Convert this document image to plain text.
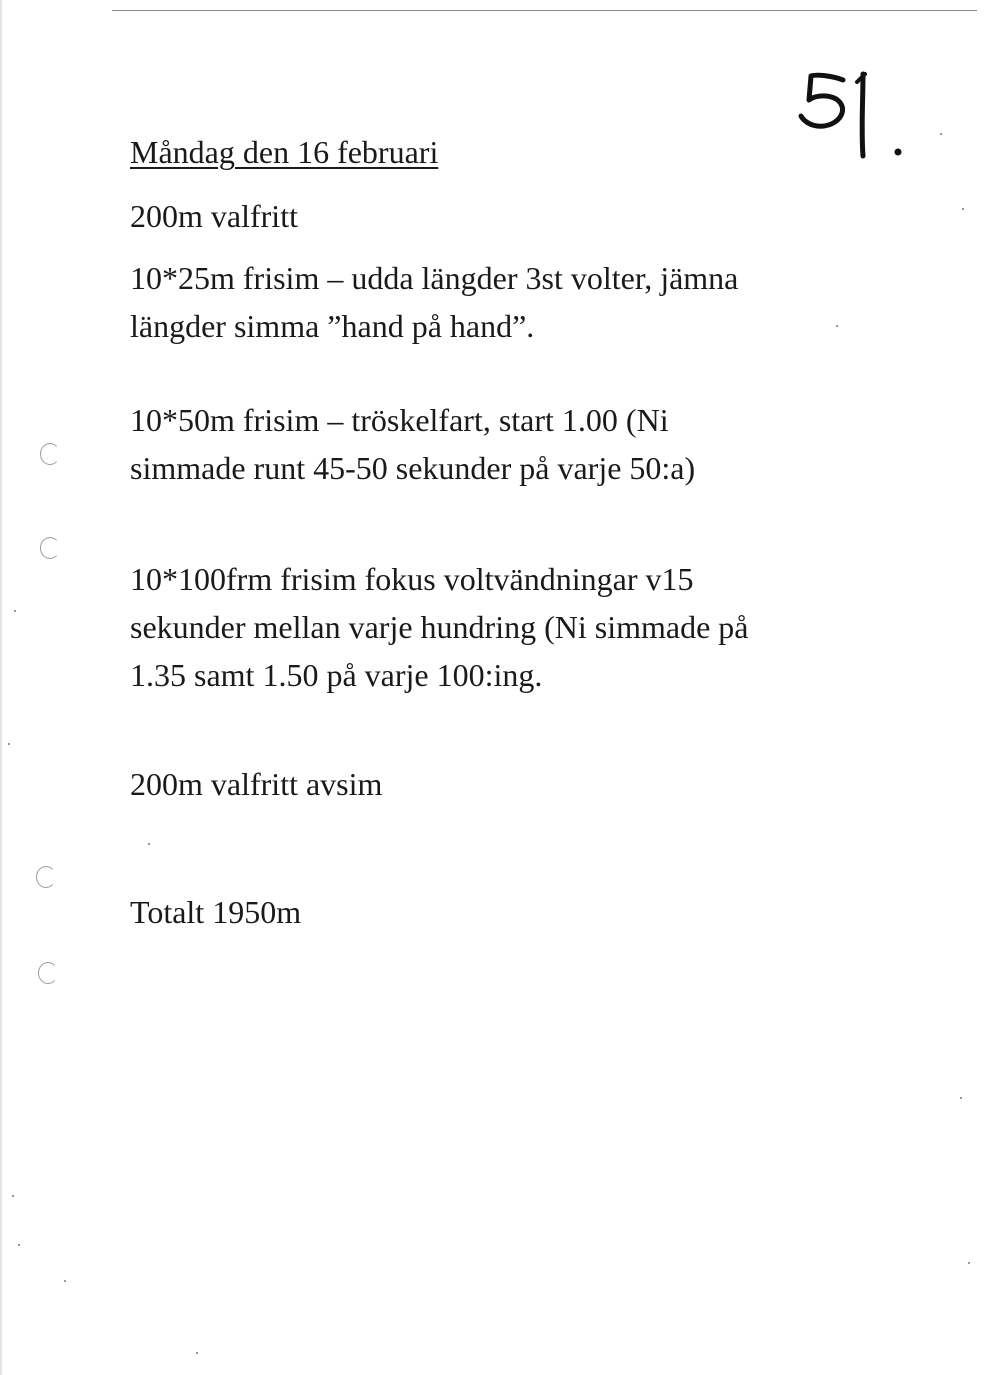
Måndag den 16 februari
200m valfritt
10*25m frisim – udda längder 3st volter, jämna
längder simma ”hand på hand”.
10*50m frisim – tröskelfart, start 1.00 (Ni
simmade runt 45-50 sekunder på varje 50:a)
10*100frm frisim fokus voltvändningar v15
sekunder mellan varje hundring (Ni simmade på
1.35 samt 1.50 på varje 100:ing.
200m valfritt avsim
Totalt 1950m
